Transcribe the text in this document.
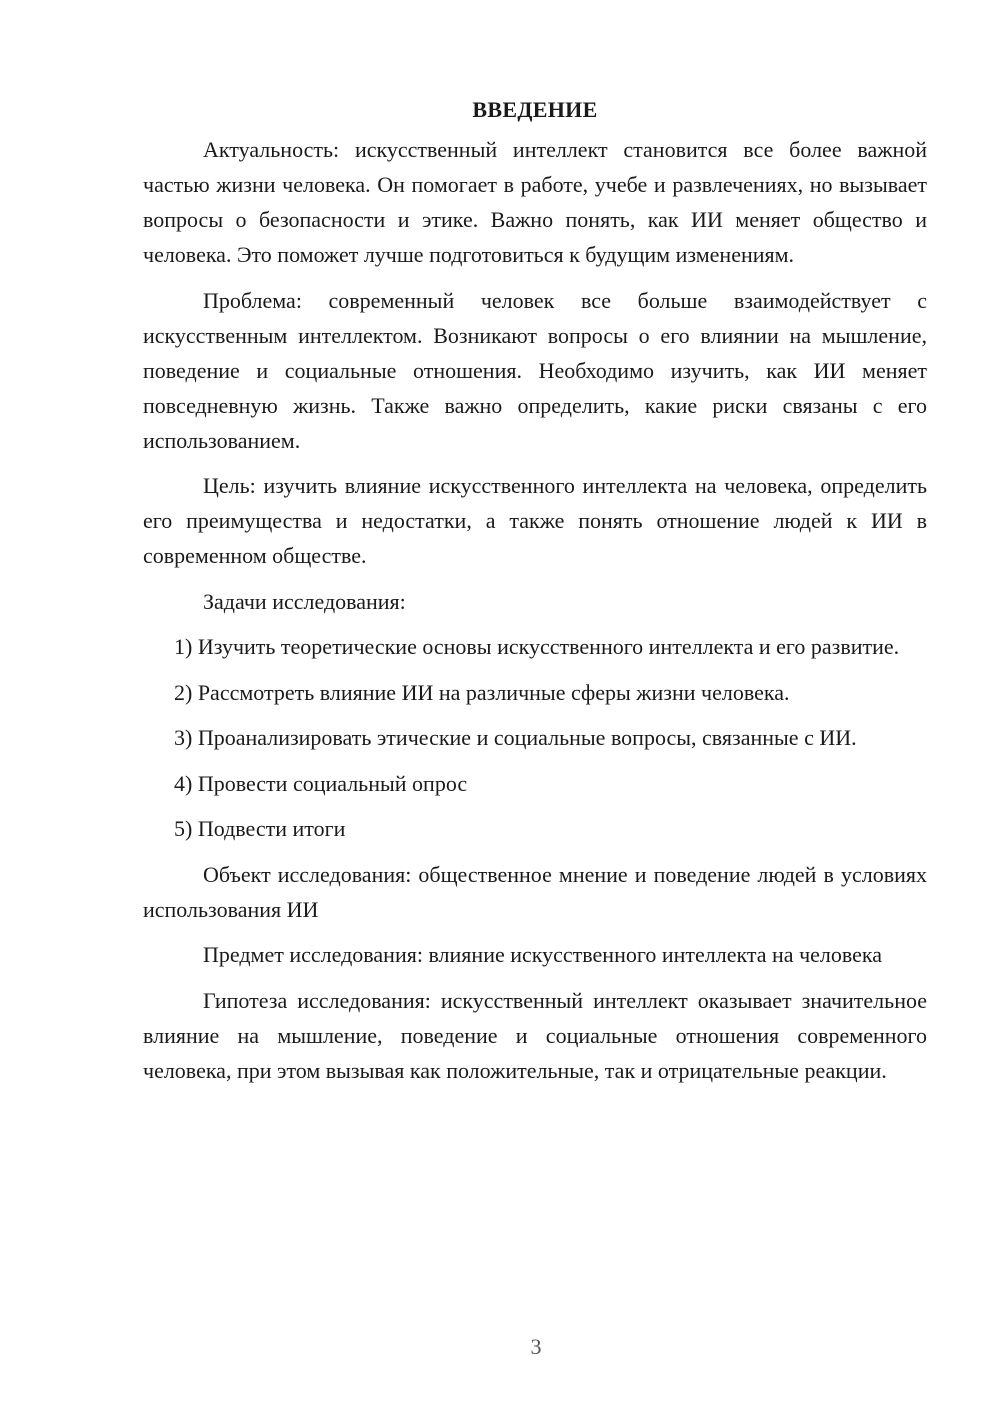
ВВЕДЕНИЕ

Актуальность: искусственный интеллект становится все более важной частью жизни человека. Он помогает в работе, учебе и развлечениях, но вызывает вопросы о безопасности и этике. Важно понять, как ИИ меняет общество и человека. Это поможет лучше подготовиться к будущим изменениям.

Проблема: современный человек все больше взаимодействует с искусственным интеллектом. Возникают вопросы о его влиянии на мышление, поведение и социальные отношения. Необходимо изучить, как ИИ меняет повседневную жизнь. Также важно определить, какие риски связаны с его использованием.

Цель: изучить влияние искусственного интеллекта на человека, определить его преимущества и недостатки, а также понять отношение людей к ИИ в современном обществе.

Задачи исследования:

1) Изучить теоретические основы искусственного интеллекта и его развитие.

2) Рассмотреть влияние ИИ на различные сферы жизни человека.

3) Проанализировать этические и социальные вопросы, связанные с ИИ.

4) Провести социальный опрос

5) Подвести итоги

Объект исследования: общественное мнение и поведение людей в условиях использования ИИ

Предмет исследования: влияние искусственного интеллекта на человека

Гипотеза исследования: искусственный интеллект оказывает значительное влияние на мышление, поведение и социальные отношения современного человека, при этом вызывая как положительные, так и отрицательные реакции.

3
